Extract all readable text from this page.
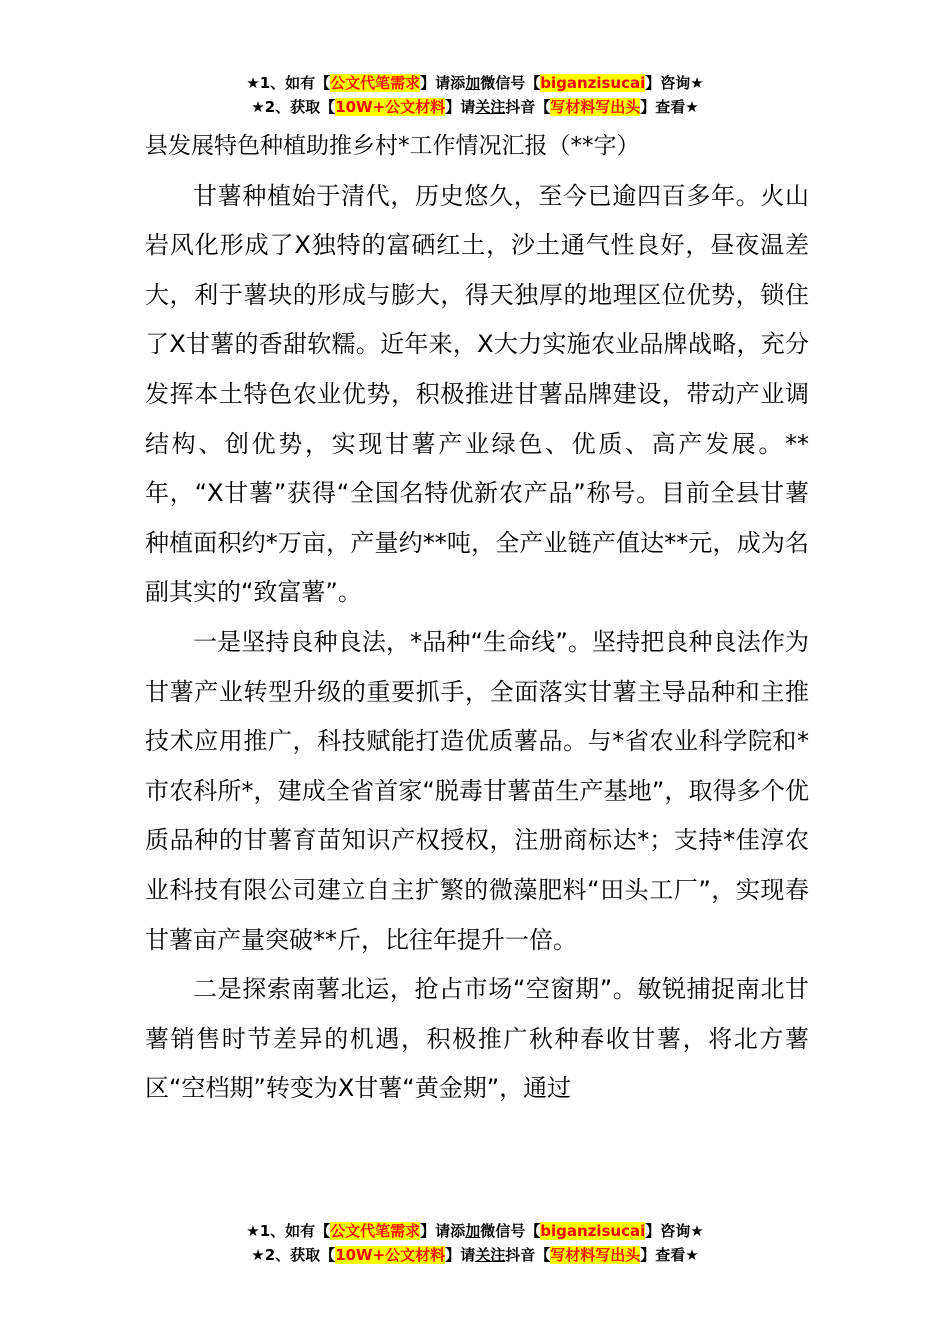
★1、如有【公文代笔需求】请添加微信号【biganzisucai】咨询★
★2、获取【10W+公文材料】请关注抖音【写材料写出头】查看★

县发展特色种植助推乡村*工作情况汇报（**字）

甘薯种植始于清代，历史悠久，至今已逾四百多年。火山岩风化形成了X独特的富硒红土，沙土通气性良好，昼夜温差大，利于薯块的形成与膨大，得天独厚的地理区位优势，锁住了X甘薯的香甜软糯。近年来，X大力实施农业品牌战略，充分发挥本土特色农业优势，积极推进甘薯品牌建设，带动产业调结构、创优势，实现甘薯产业绿色、优质、高产发展。**年，“X甘薯”获得“全国名特优新农产品”称号。目前全县甘薯种植面积约*万亩，产量约**吨，全产业链产值达**元，成为名副其实的“致富薯”。

一是坚持良种良法，*品种“生命线”。坚持把良种良法作为甘薯产业转型升级的重要抓手，全面落实甘薯主导品种和主推技术应用推广，科技赋能打造优质薯品。与*省农业科学院和*市农科所*，建成全省首家“脱毒甘薯苗生产基地”，取得多个优质品种的甘薯育苗知识产权授权，注册商标达*；支持*佳淳农业科技有限公司建立自主扩繁的微藻肥料“田头工厂”，实现春甘薯亩产量突破**斤，比往年提升一倍。

二是探索南薯北运，抢占市场“空窗期”。敏锐捕捉南北甘薯销售时节差异的机遇，积极推广秋种春收甘薯，将北方薯区“空档期”转变为X甘薯“黄金期”，通过

★1、如有【公文代笔需求】请添加微信号【biganzisucai】咨询★
★2、获取【10W+公文材料】请关注抖音【写材料写出头】查看★
